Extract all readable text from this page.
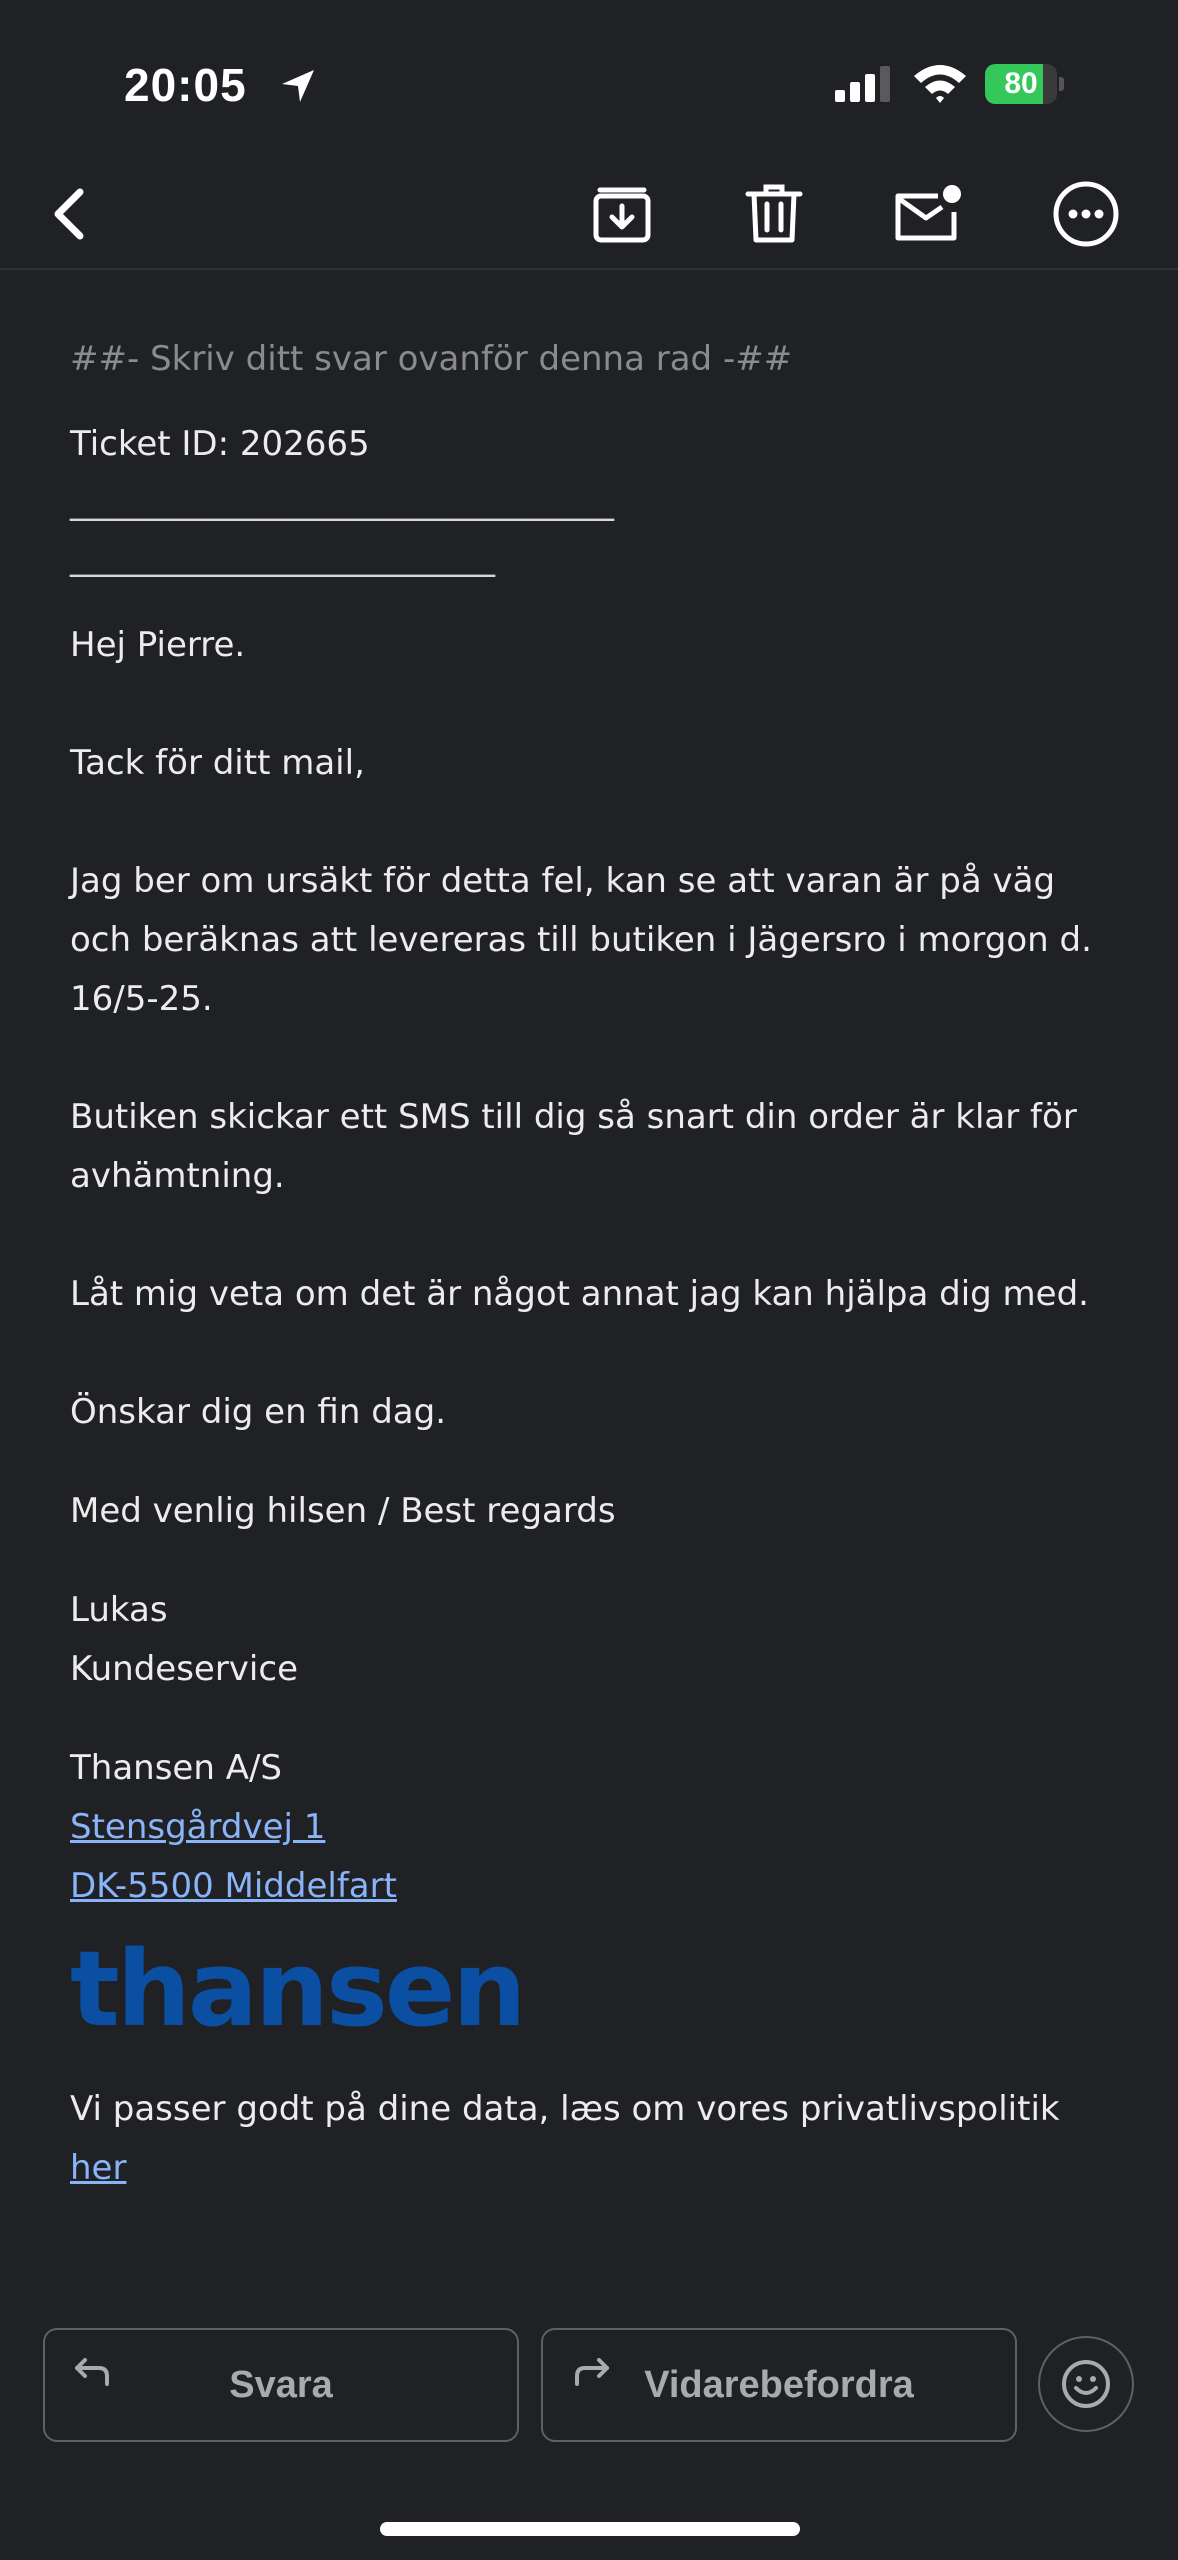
20:05	80

##- Skriv ditt svar ovanför denna rad -##

Ticket ID: 202665

________________________________

_________________________

Hej Pierre.

Tack för ditt mail,

Jag ber om ursäkt för detta fel, kan se att varan är på väg och beräknas att levereras till butiken i Jägersro i morgon d. 16/5-25.

Butiken skickar ett SMS till dig så snart din order är klar för avhämtning.

Låt mig veta om det är något annat jag kan hjälpa dig med.

Önskar dig en fin dag.

Med venlig hilsen / Best regards

Lukas

Kundeservice

Thansen A/S

Stensgårdvej 1

DK-5500 Middelfart

thansen

Vi passer godt på dine data, læs om vores privatlivspolitik

her

Svara	Vidarebefordra
